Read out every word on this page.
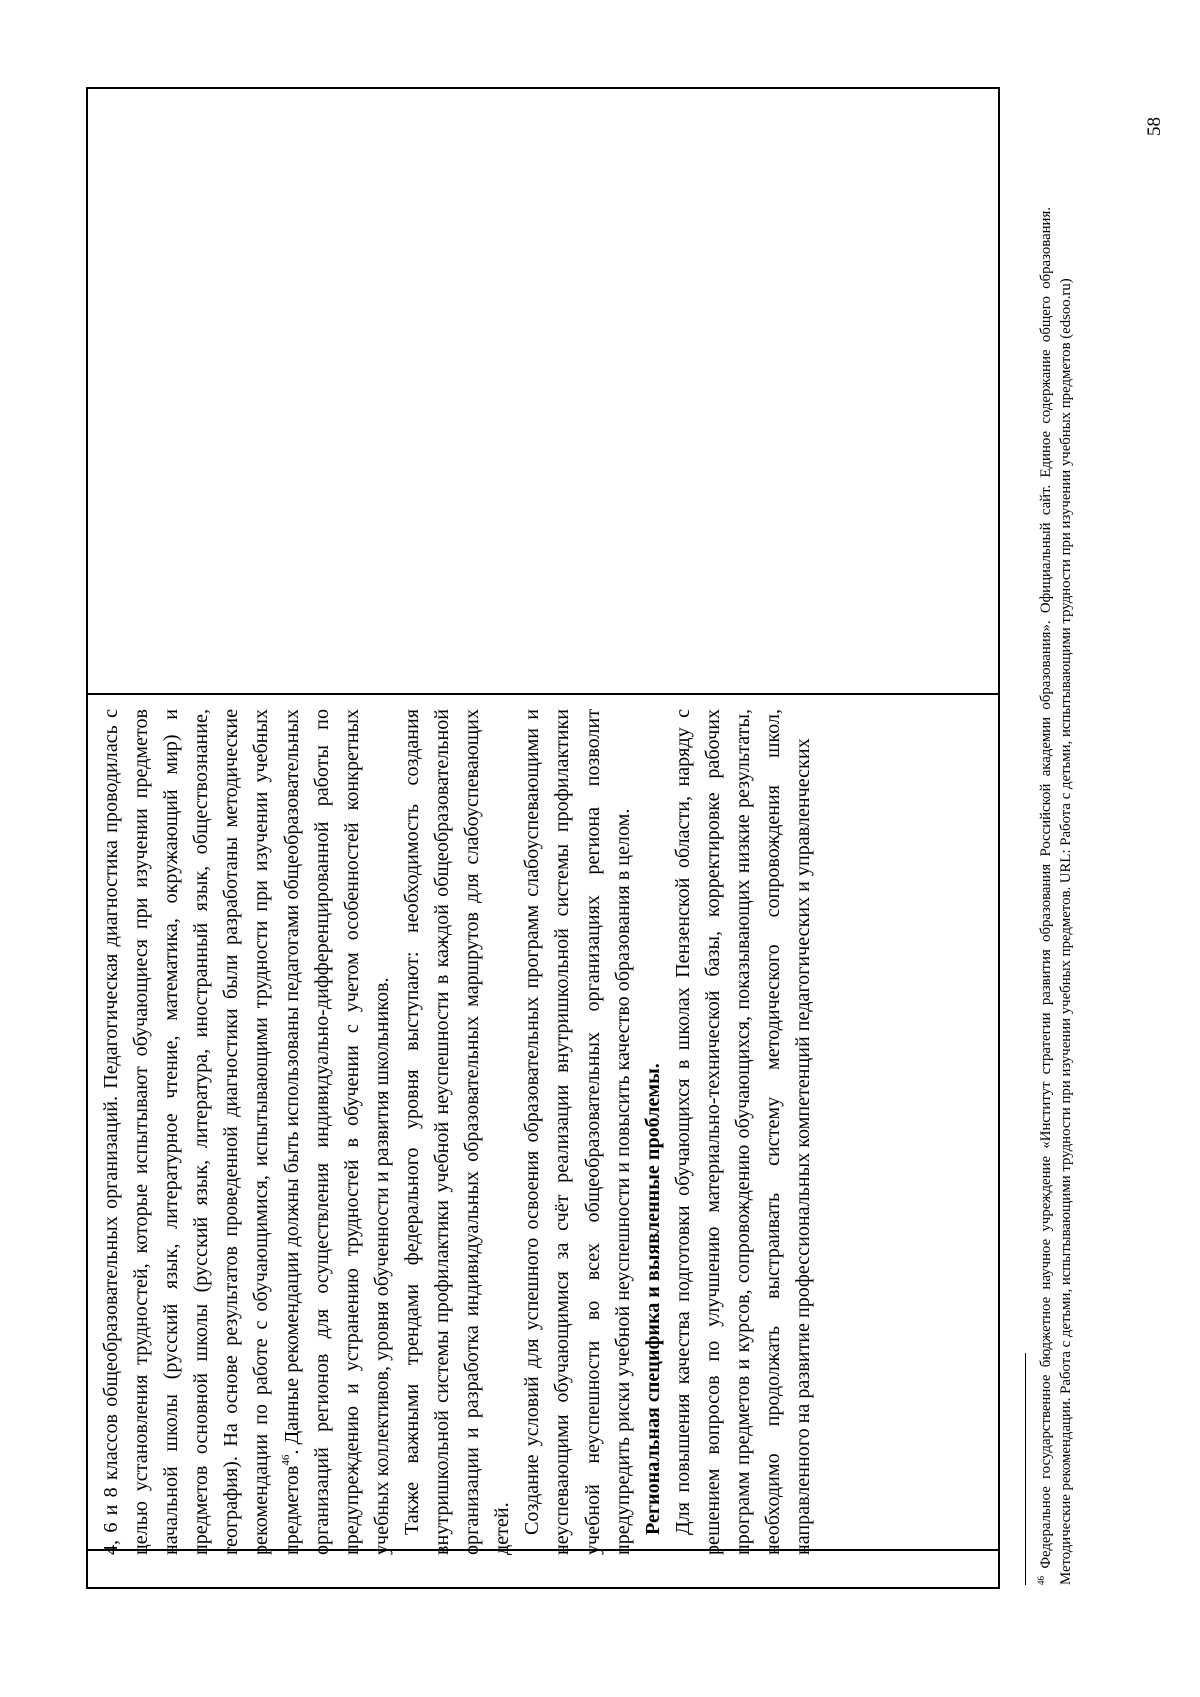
4, 6 и 8 классов общеобразовательных организаций. Педагогическая диагностика проводилась с целью установления трудностей, которые испытывают обучающиеся при изучении предметов начальной школы (русский язык, литературное чтение, математика, окружающий мир) и предметов основной школы (русский язык, литература, иностранный язык, обществознание, география). На основе результатов проведенной диагностики были разработаны методические рекомендации по работе с обучающимися, испытывающими трудности при изучении учебных предметов$^{46}$. Данные рекомендации должны быть использованы педагогами общеобразовательных организаций регионов для осуществления индивидуально-дифференцированной работы по предупреждению и устранению трудностей в обучении с учетом особенностей конкретных учебных коллективов, уровня обученности и развития школьников. Также важными трендами федерального уровня выступают: необходимость создания внутришкольной системы профилактики учебной неуспешности в каждой общеобразовательной организации и разработка индивидуальных образовательных маршрутов для слабоуспевающих детей. Создание условий для успешного освоения образовательных программ слабоуспевающими и неуспевающими обучающимися за счёт реализации внутришкольной системы профилактики учебной неуспешности во всех общеобразовательных организациях региона позволит предупредить риски учебной неуспешности и повысить качество образования в целом. Региональная специфика и выявленные проблемы. Для повышения качества подготовки обучающихся в школах Пензенской области, наряду с решением вопросов по улучшению материально-технической базы, корректировке рабочих программ предметов и курсов, сопровождению обучающихся, показывающих низкие результаты, необходимо продолжать выстраивать систему методического сопровождения школ, направленного на развитие профессиональных компетенций педагогических и управленческих

$^{46}$ Федеральное государственное бюджетное научное учреждение «Институт стратегии развития образования Российской академии образования». Официальный сайт. Единое содержание общего образования. Методические рекомендации. Работа с детьми, испытывающими трудности при изучении учебных предметов. URL: Работа с детьми, испытывающими трудности при изучении учебных предметов (edsoo.ru)
58
